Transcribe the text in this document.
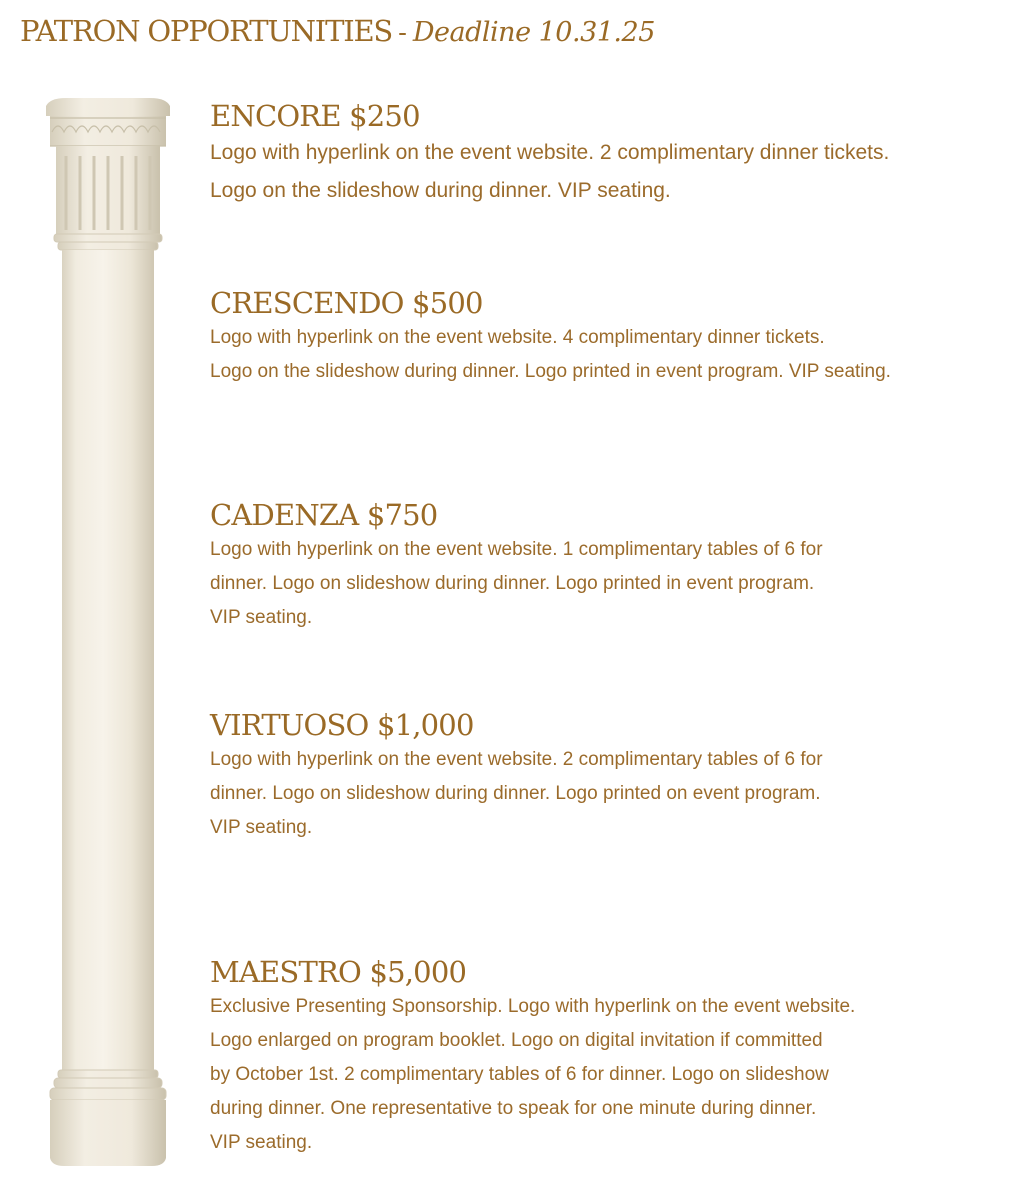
PATRON OPPORTUNITIES - Deadline 10.31.25
ENCORE $250

Logo with hyperlink on the event website. 2 complimentary dinner tickets.

Logo on the slideshow during dinner. VIP seating.

CRESCENDO $500

Logo with hyperlink on the event website. 4 complimentary dinner tickets.

Logo on the slideshow during dinner. Logo printed in event program. VIP seating.

CADENZA $750

Logo with hyperlink on the event website. 1 complimentary tables of 6 for

dinner. Logo on slideshow during dinner. Logo printed in event program.

VIP seating.

VIRTUOSO $1,000

Logo with hyperlink on the event website. 2 complimentary tables of 6 for

dinner. Logo on slideshow during dinner. Logo printed on event program.

VIP seating.

MAESTRO $5,000

Exclusive Presenting Sponsorship. Logo with hyperlink on the event website.

Logo enlarged on program booklet. Logo on digital invitation if committed

by October 1st. 2 complimentary tables of 6 for dinner. Logo on slideshow

during dinner. One representative to speak for one minute during dinner.

VIP seating.
